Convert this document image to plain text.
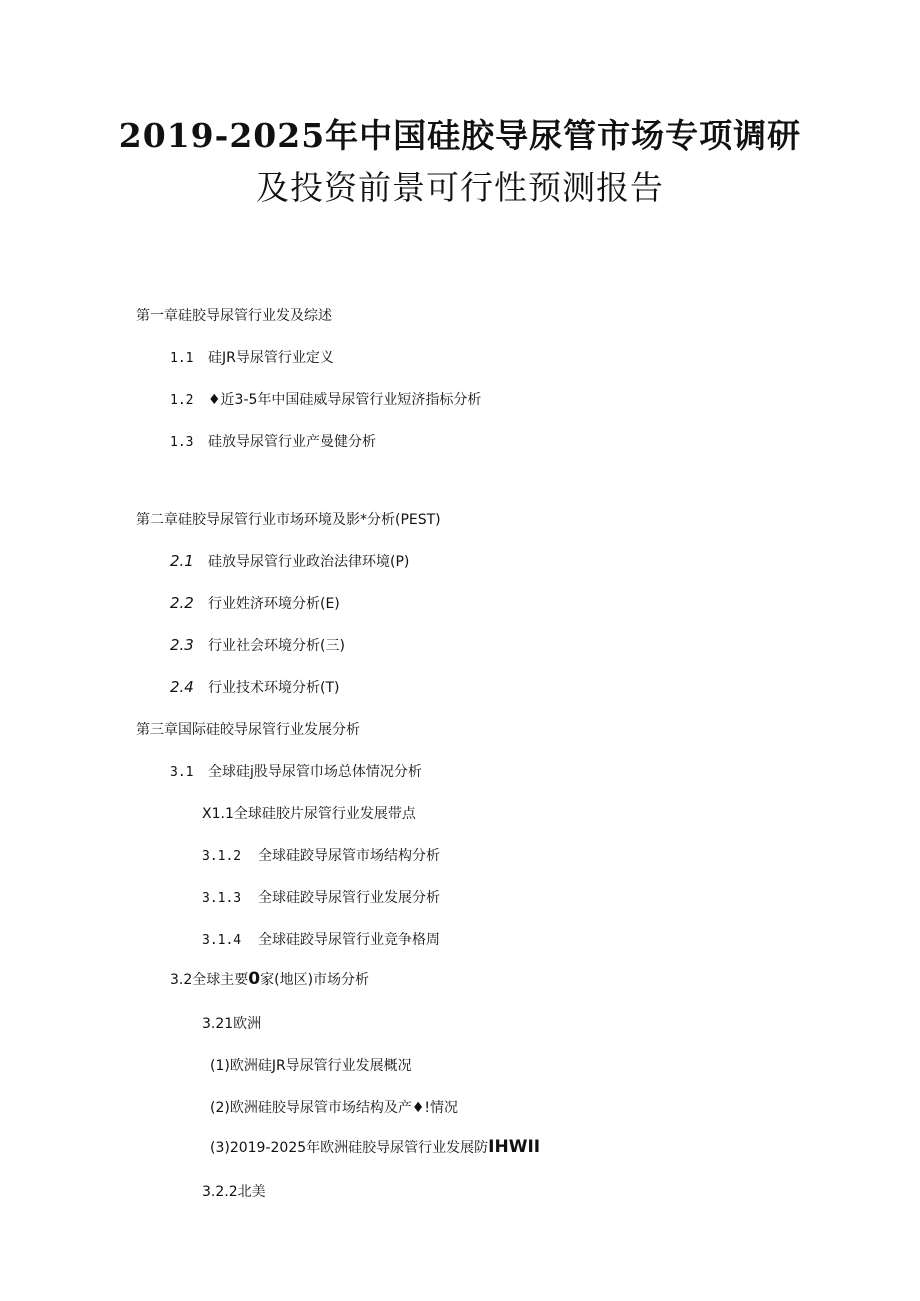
2019-2025年中国硅胶导尿管市场专项调研
及投资前景可行性预测报告
第一章硅胶导尿管行业发及综述
1.1 硅JR导尿管行业定义
1.2 ♦近3-5年中国硅威导尿管行业短济指标分析
1.3 硅放导尿管行业产曼健分析
第二章硅胶导尿管行业市场环境及影*分析(PEST)
2.1 硅放导尿管行业政治法律环境(P)
2.2 行业姓济环境分析(E)
2.3 行业社会环境分析(三)
2.4 行业技术环境分析(T)
第三章国际硅皎导尿管行业发展分析
3.1 全球硅j股导尿管巾场总体情况分析
X1.1全球硅胶片尿管行业发展带点
3.1.2 全球硅跤导尿管市场结构分析
3.1.3 全球硅跤导尿管行业发展分析
3.1.4 全球硅跤导尿管行业竞争格周
3.2全球主要0家(地区)市场分析
3.21欧洲
(1)欧洲硅JR导尿管行业发展概况
(2)欧洲硅胶导尿管市场结构及产♦!情况
(3)2019-2025年欧洲硅胶导尿管行业发展防IHWII
3.2.2北美
